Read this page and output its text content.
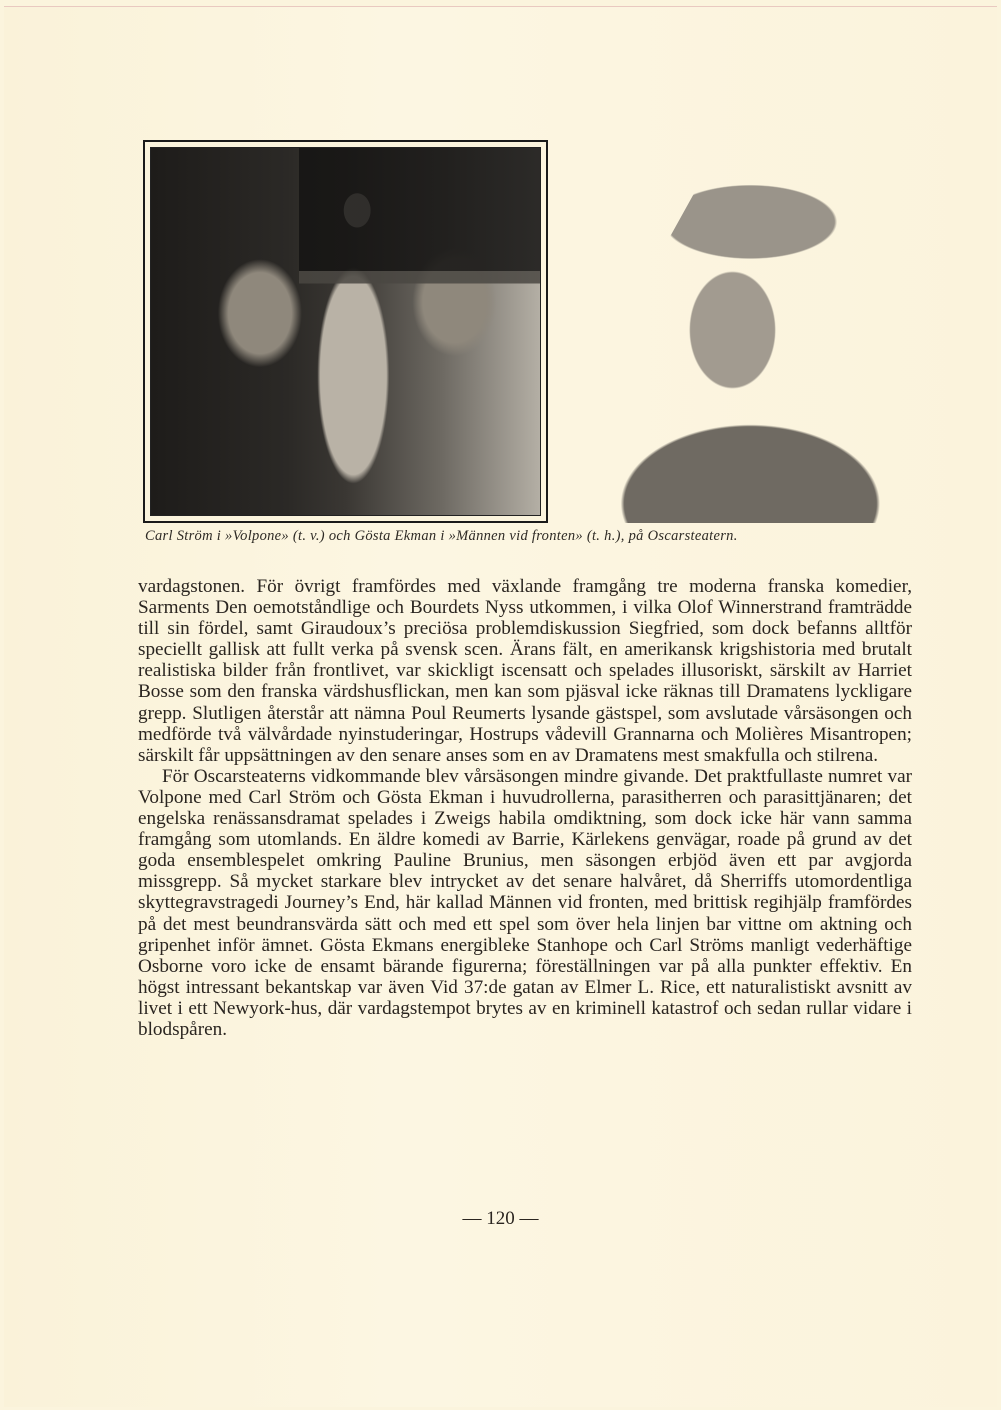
Carl Ström i »Volpone» (t. v.) och Gösta Ekman i »Männen vid fronten» (t. h.), på Oscarsteatern.

vardagstonen. För övrigt framfördes med växlande framgång tre moderna franska komedier, Sarments Den oemotståndlige och Bourdets Nyss utkommen, i vilka Olof Winnerstrand framträdde till sin fördel, samt Giraudoux’s preciösa problemdiskussion Siegfried, som dock befanns alltför speciellt gallisk att fullt verka på svensk scen. Ärans fält, en amerikansk krigshistoria med brutalt realistiska bilder från frontlivet, var skickligt iscensatt och spelades illusoriskt, särskilt av Harriet Bosse som den franska värdshusflickan, men kan som pjäsval icke räknas till Dramatens lyckligare grepp. Slutligen återstår att nämna Poul Reumerts lysande gästspel, som avslutade vårsäsongen och medförde två välvårdade nyinstuderingar, Hostrups vådevill Grannarna och Molières Misantropen; särskilt får uppsättningen av den senare anses som en av Dramatens mest smakfulla och stilrena.

För Oscarsteaterns vidkommande blev vårsäsongen mindre givande. Det praktfullaste numret var Volpone med Carl Ström och Gösta Ekman i huvudrollerna, parasitherren och parasittjänaren; det engelska renässansdramat spelades i Zweigs habila omdiktning, som dock icke här vann samma framgång som utomlands. En äldre komedi av Barrie, Kärlekens genvägar, roade på grund av det goda ensemblespelet omkring Pauline Brunius, men säsongen erbjöd även ett par avgjorda missgrepp. Så mycket starkare blev intrycket av det senare halvåret, då Sherriffs utomordentliga skyttegravstragedi Journey’s End, här kallad Männen vid fronten, med brittisk regihjälp framfördes på det mest beundransvärda sätt och med ett spel som över hela linjen bar vittne om aktning och gripenhet inför ämnet. Gösta Ekmans energibleke Stanhope och Carl Ströms manligt vederhäftige Osborne voro icke de ensamt bärande figurerna; föreställningen var på alla punkter effektiv. En högst intressant bekantskap var även Vid 37:de gatan av Elmer L. Rice, ett naturalistiskt avsnitt av livet i ett Newyork-hus, där vardagstempot brytes av en kriminell katastrof och sedan rullar vidare i blodspåren.

— 120 —
